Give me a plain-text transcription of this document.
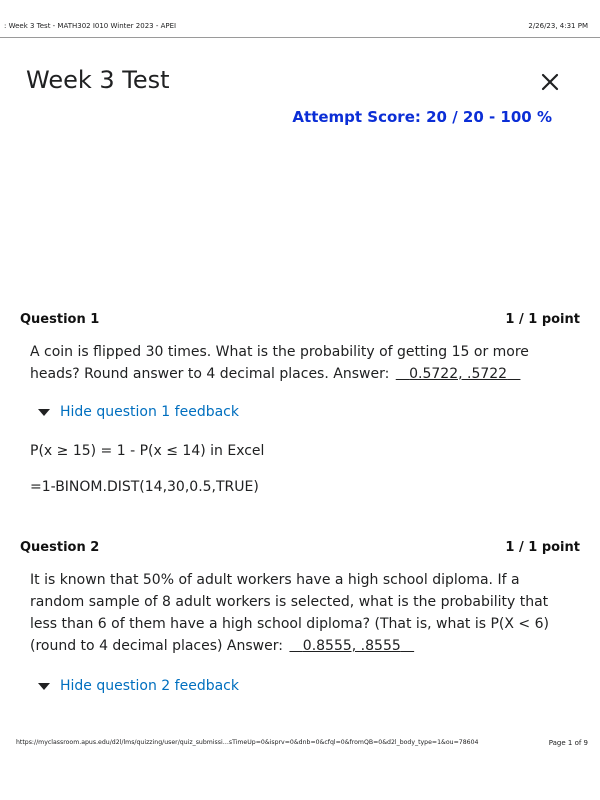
: Week 3 Test - MATH302 I010 Winter 2023 - APEI	2/26/23, 4:31 PM
Week 3 Test
Attempt Score: 20 / 20 - 100 %
Question 1	1 / 1 point
A coin is flipped 30 times. What is the probability of getting 15 or more heads? Round answer to 4 decimal places. Answer: 0.5722, .5722
Hide question 1 feedback
P(x ≥ 15) = 1 - P(x ≤ 14) in Excel
=1-BINOM.DIST(14,30,0.5,TRUE)
Question 2	1 / 1 point
It is known that 50% of adult workers have a high school diploma. If a random sample of 8 adult workers is selected, what is the probability that less than 6 of them have a high school diploma? (That is, what is P(X < 6) (round to 4 decimal places) Answer: 0.8555, .8555
Hide question 2 feedback
https://myclassroom.apus.edu/d2l/lms/quizzing/user/quiz_submissi…sTimeUp=0&isprv=0&dnb=0&cfql=0&fromQB=0&d2l_body_type=1&ou=78604	Page 1 of 9
